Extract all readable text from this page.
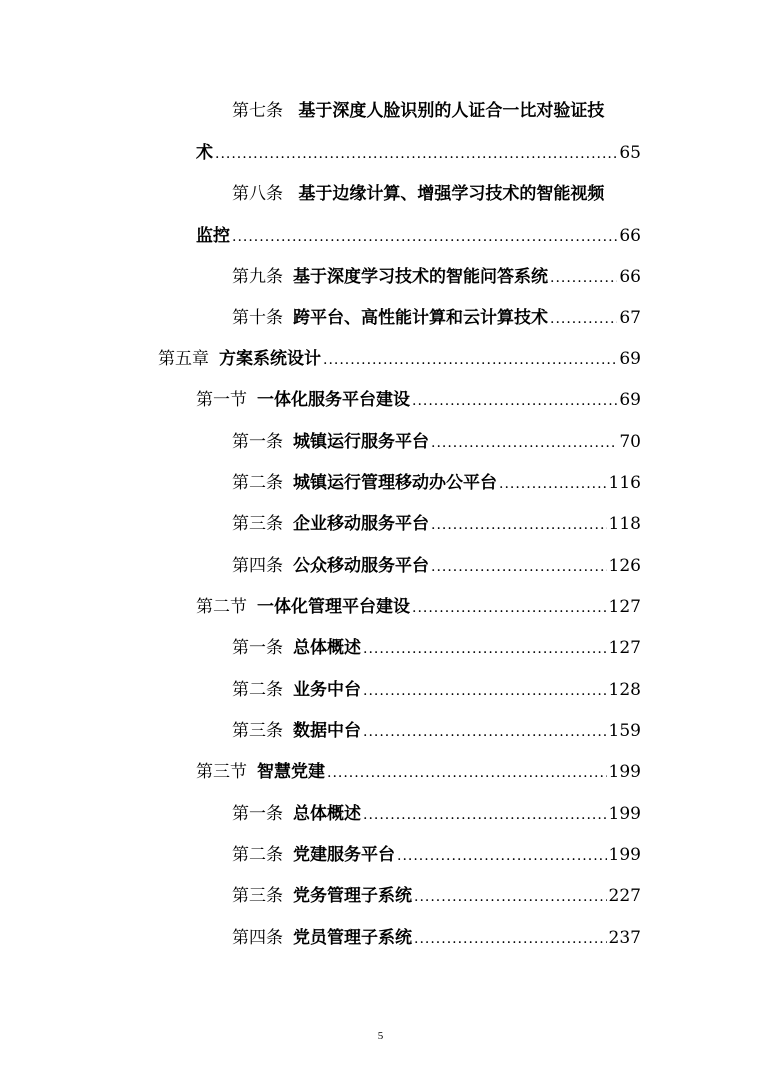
第七条 基于深度人脸识别的人证合一比对验证技
术 .....	65
第八条 基于边缘计算、增强学习技术的智能视频
监控 .....	66
第九条 基于深度学习技术的智能问答系统 .....	66
第十条 跨平台、高性能计算和云计算技术 .....	67
第五章 方案系统设计 .....	69
第一节 一体化服务平台建设 .....	69
第一条 城镇运行服务平台 .....	70
第二条 城镇运行管理移动办公平台 .....	116
第三条 企业移动服务平台 .....	118
第四条 公众移动服务平台 .....	126
第二节 一体化管理平台建设 .....	127
第一条 总体概述 .....	127
第二条 业务中台 .....	128
第三条 数据中台 .....	159
第三节 智慧党建 .....	199
第一条 总体概述 .....	199
第二条 党建服务平台 .....	199
第三条 党务管理子系统 .....	227
第四条 党员管理子系统 .....	237
5
